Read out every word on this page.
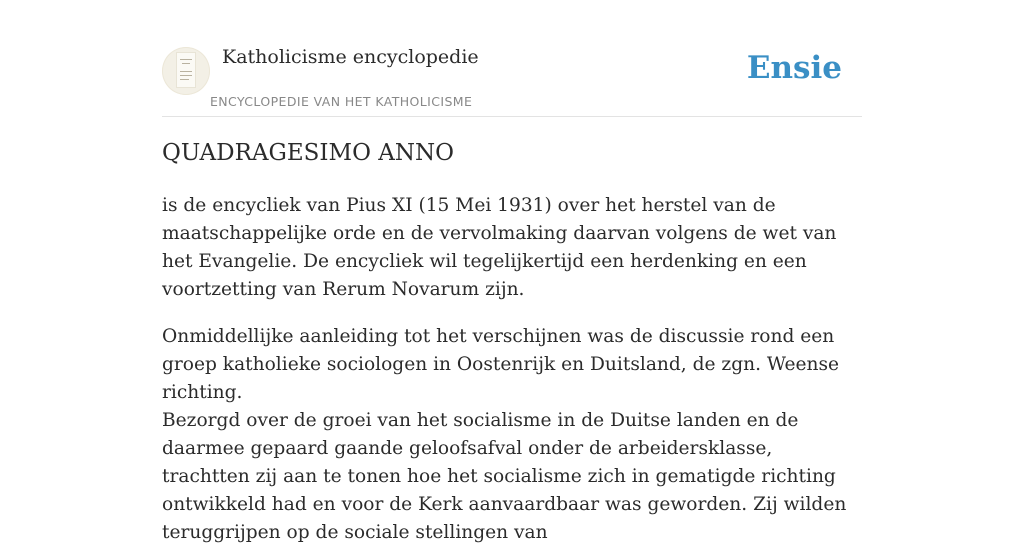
Katholicisme encyclopedie
ENCYCLOPEDIE VAN HET KATHOLICISME
Ensie
QUADRAGESIMO ANNO

is de encycliek van Pius XI (15 Mei 1931) over het herstel van de maatschappelijke orde en de vervolmaking daarvan volgens de wet van het Evangelie. De encycliek wil tegelijkertijd een herdenking en een voortzetting van Rerum Novarum zijn.

Onmiddellijke aanleiding tot het verschijnen was de discussie rond een groep katholieke sociologen in Oostenrijk en Duitsland, de zgn. Weense richting.

Bezorgd over de groei van het socialisme in de Duitse landen en de daarmee gepaard gaande geloofsafval onder de arbeidersklasse, trachtten zij aan te tonen hoe het socialisme zich in gematigde richting ontwikkeld had en voor de Kerk aanvaardbaar was geworden. Zij wilden teruggrijpen op de sociale stellingen van
